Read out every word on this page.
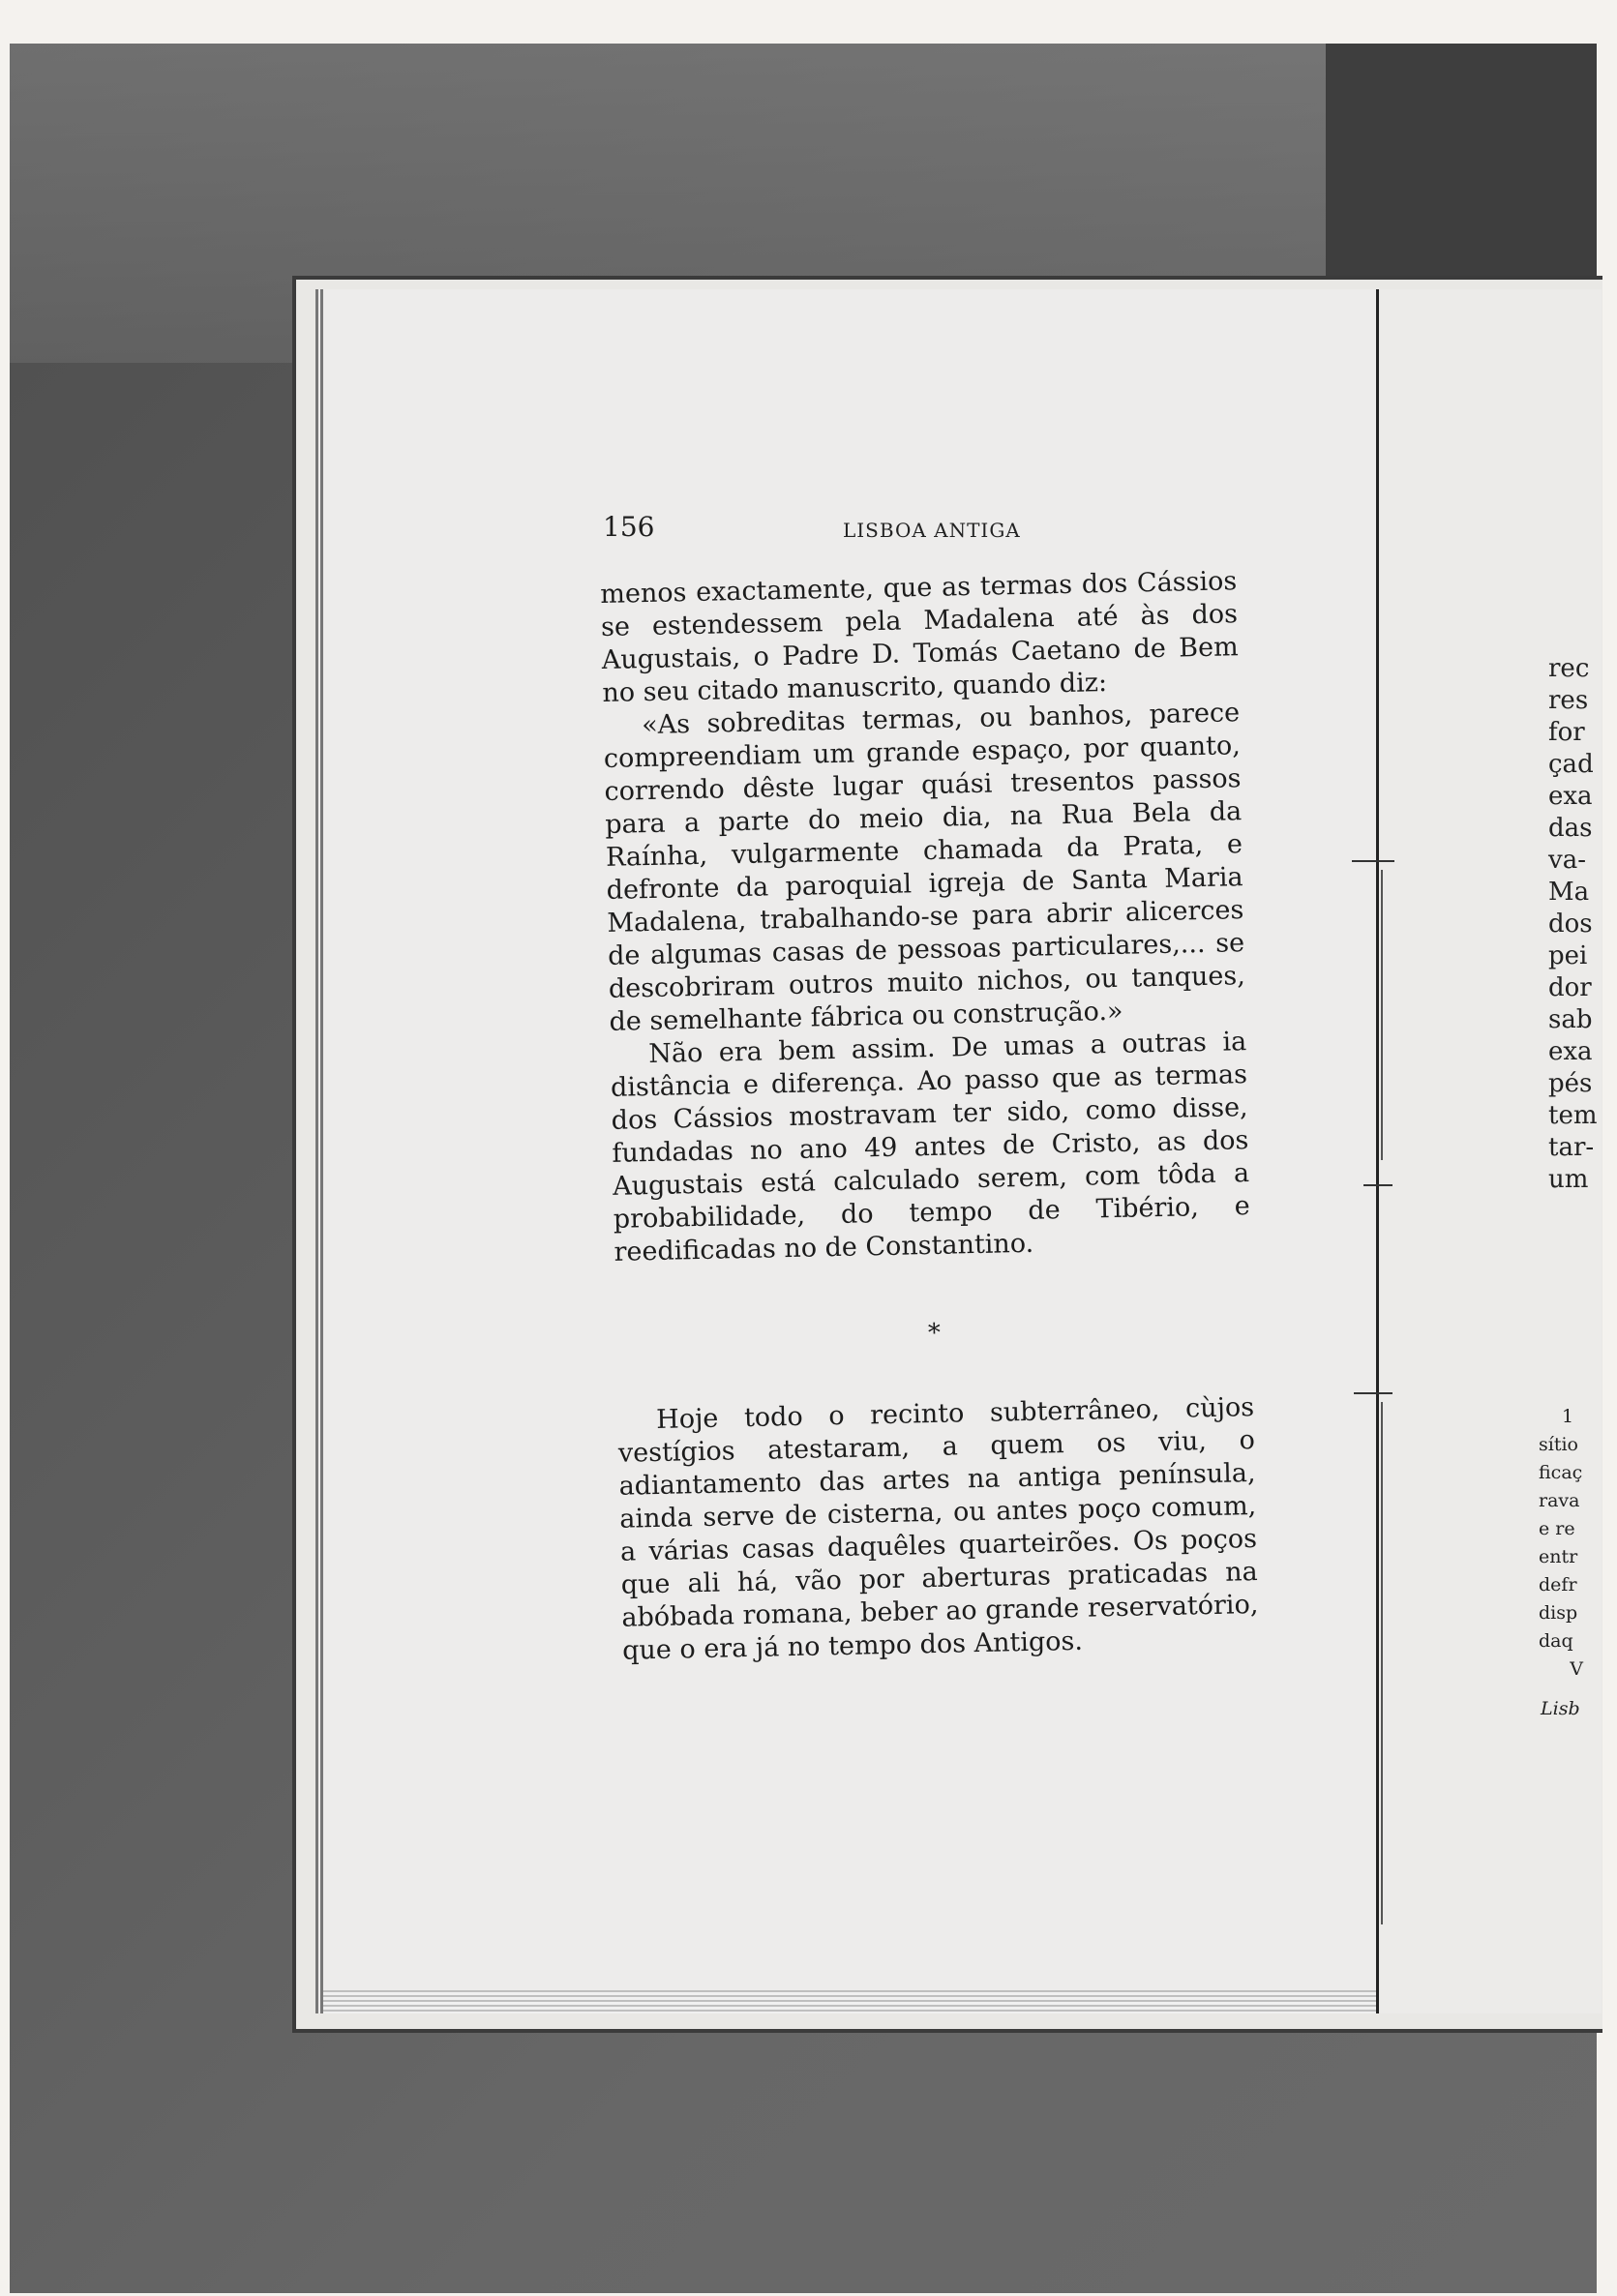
156	LISBOA ANTIGA

menos exactamente, que as termas dos Cássios se estendessem pela Madalena até às dos Augustais, o Padre D. Tomás Caetano de Bem no seu citado manuscrito, quando diz:

«As sobreditas termas, ou banhos, parece compreendiam um grande espaço, por quanto, correndo dêste lugar quási tresentos passos para a parte do meio dia, na Rua Bela da Raínha, vulgarmente chamada da Prata, e defronte da paroquial igreja de Santa Maria Madalena, trabalhando-se para abrir alicerces de algumas casas de pessoas particulares,... se descobriram outros muito nichos, ou tanques, de semelhante fábrica ou construção.»

Não era bem assim. De umas a outras ia distância e diferença. Ao passo que as termas dos Cássios mostravam ter sido, como disse, fundadas no ano 49 antes de Cristo, as dos Augustais está calculado serem, com tôda a probabilidade, do tempo de Tibério, e reedificadas no de Constantino.

*

Hoje todo o recinto subterrâneo, cùjos vestígios atestaram, a quem os viu, o adiantamento das artes na antiga península, ainda serve de cisterna, ou antes poço comum, a várias casas daquêles quarteirões. Os poços que ali há, vão por aberturas praticadas na abóbada romana, beber ao grande reservatório, que o era já no tempo dos Antigos.

rec
res
for
çad
exa
das
va-
Ma
dos
pei
dor
sab
exa
pés
tem
tar-
um
1
sítio
ficaç
rava
e re
entr
defr
disp
daq
V
Lisb
